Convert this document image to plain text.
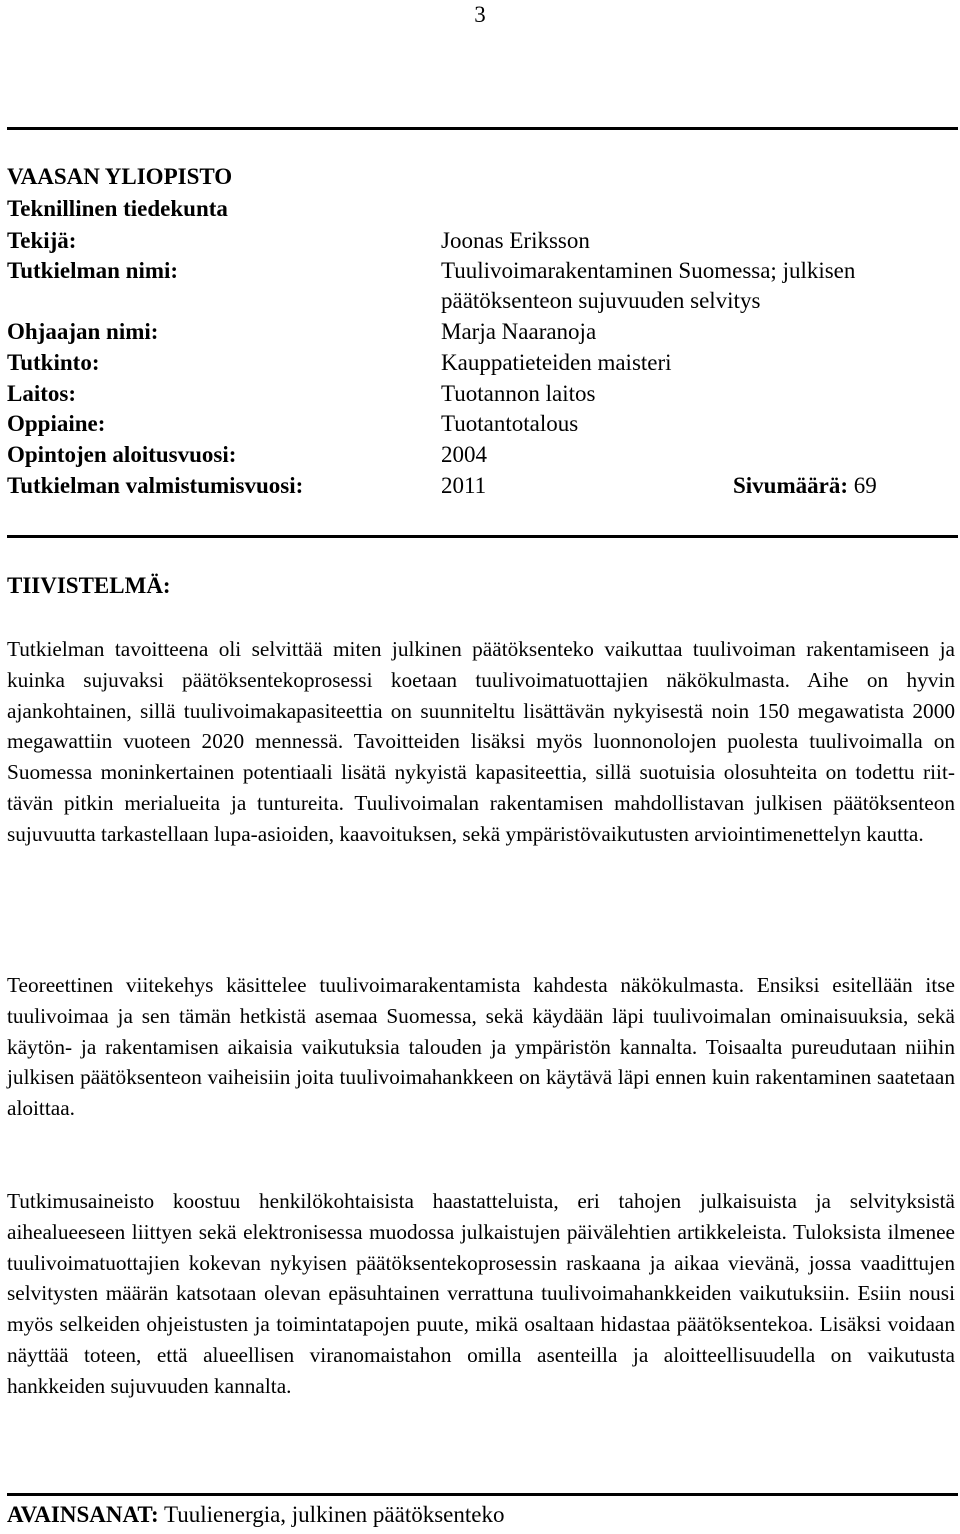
3
VAASAN YLIOPISTO
Teknillinen tiedekunta
Tekijä:	Joonas Eriksson
Tutkielman nimi:	Tuulivoimarakentaminen Suomessa; julkisen
päätöksenteon sujuvuuden selvitys
Ohjaajan nimi:	Marja Naaranoja
Tutkinto:	Kauppatieteiden maisteri
Laitos:	Tuotannon laitos
Oppiaine:	Tuotantotalous
Opintojen aloitusvuosi:	2004
Tutkielman valmistumisvuosi:	2011	Sivumäärä: 69
TIIVISTELMÄ:

Tutkielman tavoitteena oli selvittää miten julkinen päätöksenteko vaikuttaa tuulivoiman rakentamiseen ja kuinka sujuvaksi päätöksentekoprosessi koetaan tuulivoimatuottajien näkökulmasta. Aihe on hyvin ajankohtainen, sillä tuulivoimakapasiteettia on suunniteltu lisättävän nykyisestä noin 150 megawatista 2000 megawattiin vuoteen 2020 mennessä. Tavoitteiden lisäksi myös luonnonolojen puolesta tuulivoimalla on Suomessa moninkertainen potentiaali lisätä nykyistä kapasiteettia, sillä suotuisia olosuhteita on todettu riittävän pitkin merialueita ja tuntureita. Tuulivoimalan rakentamisen mahdollistavan julkisen päätöksenteon sujuvuutta tarkastellaan lupa-asioiden, kaavoituksen, sekä ympäristövaikutusten arviointimenettelyn kautta.

Teoreettinen viitekehys käsittelee tuulivoimarakentamista kahdesta näkökulmasta. Ensiksi esitellään itse tuulivoimaa ja sen tämän hetkistä asemaa Suomessa, sekä käydään läpi tuulivoimalan ominaisuuksia, sekä käytön- ja rakentamisen aikaisia vaikutuksia talouden ja ympäristön kannalta. Toisaalta pureudutaan niihin julkisen päätöksenteon vaiheisiin joita tuulivoimahankkeen on käytävä läpi ennen kuin rakentaminen saatetaan aloittaa.

Tutkimusaineisto koostuu henkilökohtaisista haastatteluista, eri tahojen julkaisuista ja selvityksistä aihealueeseen liittyen sekä elektronisessa muodossa julkaistujen päivälehtien artikkeleista. Tuloksista ilmenee tuulivoimatuottajien kokevan nykyisen päätöksentekoprosessin raskaana ja aikaa vievänä, jossa vaadittujen selvitysten määrän katsotaan olevan epäsuhtainen verrattuna tuulivoimahankkeiden vaikutuksiin. Esiin nousi myös selkeiden ohjeistusten ja toimintatapojen puute, mikä osaltaan hidastaa päätöksentekoa. Lisäksi voidaan näyttää toteen, että alueellisen viranomaistahon omilla asenteilla ja aloitteellisuudella on vaikutusta hankkeiden sujuvuuden kannalta.

AVAINSANAT: Tuulienergia, julkinen päätöksenteko
